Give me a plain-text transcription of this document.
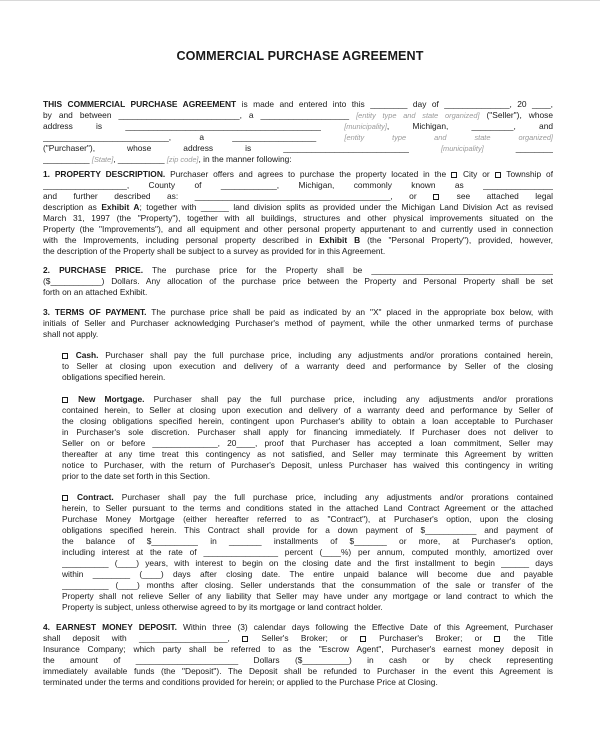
COMMERCIAL PURCHASE AGREEMENT
THIS COMMERCIAL PURCHASE AGREEMENT is made and entered into this ________ day of ______________, 20 ____,
by and between __________________________, a ___________________ [entity type and state organized] ("Seller"), whose
address is __________________________________________ [municipality], Michigan, _________, and
___________________________, a __________________ [entity type and state organized]
("Purchaser"), whose address is ___________________________ [municipality] ________
__________ [State], __________ [zip code], in the manner following:
1. PROPERTY DESCRIPTION. Purchaser offers and agrees to purchase the property located in the  City or  Township of
__________________, County of ____________, Michigan, commonly known as _______________
and further described as: __________________________________________, or  see attached legal
description as Exhibit A; together with ______ land division splits as provided under the Michigan Land Division Act as revised
March 31, 1997 (the "Property"), together with all buildings, structures and other physical improvements situated on the
Property (the "Improvements"), and all equipment and other personal property appurtenant to and currently used in connection
with the Improvements, including personal property described in Exhibit B (the "Personal Property"), provided, however,
the description of the Property shall be subject to a survey as provided for in this Agreement.
2. PURCHASE PRICE. The purchase price for the Property shall be _______________________________________
($___________) Dollars. Any allocation of the purchase price between the Property and Personal Property shall be set
forth on an attached Exhibit.
3. TERMS OF PAYMENT. The purchase price shall be paid as indicated by an "X" placed in the appropriate box below, with
initials of Seller and Purchaser acknowledging Purchaser's method of payment, while the other unmarked terms of purchase
shall not apply.
Cash. Purchaser shall pay the full purchase price, including any adjustments and/or prorations contained herein,
to Seller at closing upon execution and delivery of a warranty deed and performance by Seller of the closing
obligations specified herein.
New Mortgage. Purchaser shall pay the full purchase price, including any adjustments and/or prorations
contained herein, to Seller at closing upon execution and delivery of a warranty deed and performance by Seller of
the closing obligations specified herein, contingent upon Purchaser's ability to obtain a loan acceptable to Purchaser
in Purchaser's sole discretion. Purchaser shall apply for financing immediately. If Purchaser does not deliver to
Seller on or before ______________, 20____, proof that Purchaser has accepted a loan commitment, Seller may
thereafter at any time treat this contingency as not satisfied, and Seller may terminate this Agreement by written
notice to Purchaser, with the return of Purchaser's Deposit, unless Purchaser has waived this contingency in writing
prior to the date set forth in this Section.
Contract. Purchaser shall pay the full purchase price, including any adjustments and/or prorations contained
herein, to Seller pursuant to the terms and conditions stated in the attached Land Contract Agreement or the attached
Purchase Money Mortgage (either hereafter referred to as "Contract"), at Purchaser's option, upon the closing
obligations specified herein. This Contract shall provide for a down payment of $___________ and payment of
the balance of $__________ in _______ installments of $_______ or more, at Purchaser's option,
including interest at the rate of ________________ percent (____%) per annum, computed monthly, amortized over
__________ (____) years, with interest to begin on the closing date and the first installment to begin ______ days
within ________ (____) days after closing date. The entire unpaid balance will become due and payable
__________ (____) months after closing. Seller understands that the consummation of the sale or transfer of the
Property shall not relieve Seller of any liability that Seller may have under any mortgage or land contract to which the
Property is subject, unless otherwise agreed to by its mortgage or land contract holder.
4. EARNEST MONEY DEPOSIT. Within three (3) calendar days following the Effective Date of this Agreement, Purchaser
shall deposit with ___________________,  Seller's Broker; or  Purchaser's Broker; or  the Title
Insurance Company; which party shall be referred to as the "Escrow Agent", Purchaser's earnest money deposit in
the amount of ______________________ Dollars ($__________) in cash or by check representing
immediately available funds (the "Deposit"). The Deposit shall be refunded to Purchaser in the event this Agreement is
terminated under the terms and conditions provided for herein; or applied to the Purchase Price at Closing.
